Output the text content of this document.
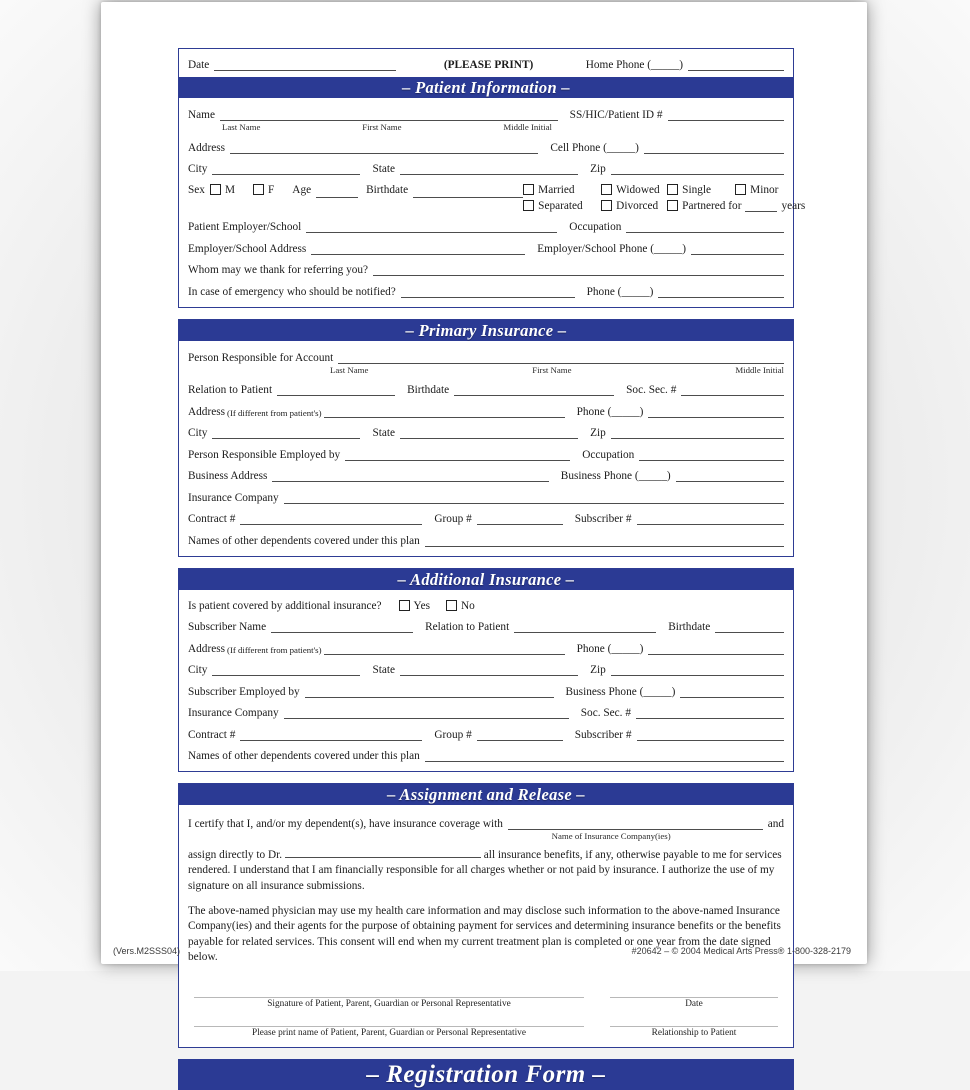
Date	(PLEASE PRINT)	Home Phone (_____)
– Patient Information –
Name	SS/HIC/Patient ID #
Last Name	First Name	Middle Initial
Address	Cell Phone (_____)
City	State	Zip
Sex	M	F	Age	Birthdate	Married	Widowed Single	Minor
Separated	Divorced Partnered for	years
Patient Employer/School	Occupation
Employer/School Address	Employer/School Phone (_____)
Whom may we thank for referring you?
In case of emergency who should be notified?	Phone (_____)
– Primary Insurance –
Person Responsible for Account
Last Name	First Name	Middle Initial
Relation to Patient	Birthdate	Soc. Sec. #
Address (If different from patient's)	Phone (_____)
City	State	Zip
Person Responsible Employed by	Occupation
Business Address	Business Phone (_____)
Insurance Company
Contract #	Group #	Subscriber #
Names of other dependents covered under this plan
– Additional Insurance –
Is patient covered by additional insurance?	Yes	No
Subscriber Name	Relation to Patient	Birthdate
Address (If different from patient's)	Phone (_____)
City	State	Zip
Subscriber Employed by	Business Phone (_____)
Insurance Company	Soc. Sec. #
Contract #	Group #	Subscriber #
Names of other dependents covered under this plan
– Assignment and Release –
I certify that I, and/or my dependent(s), have insurance coverage with	and
Name of Insurance Company(ies)
assign directly to Dr.	all insurance benefits, if any, otherwise payable to me for services rendered. I understand that I am financially responsible for all charges whether or not paid by insurance. I authorize the use of my signature on all insurance submissions.
The above-named physician may use my health care information and may disclose such information to the above-named Insurance Company(ies) and their agents for the purpose of obtaining payment for services and determining insurance benefits or the benefits payable for related services. This consent will end when my current treatment plan is completed or one year from the date signed below.
Signature of Patient, Parent, Guardian or Personal Representative	Date
Please print name of Patient, Parent, Guardian or Personal Representative	Relationship to Patient
– Registration Form –
(Vers.M2SSS04)	#20642 – © 2004 Medical Arts Press® 1-800-328-2179
